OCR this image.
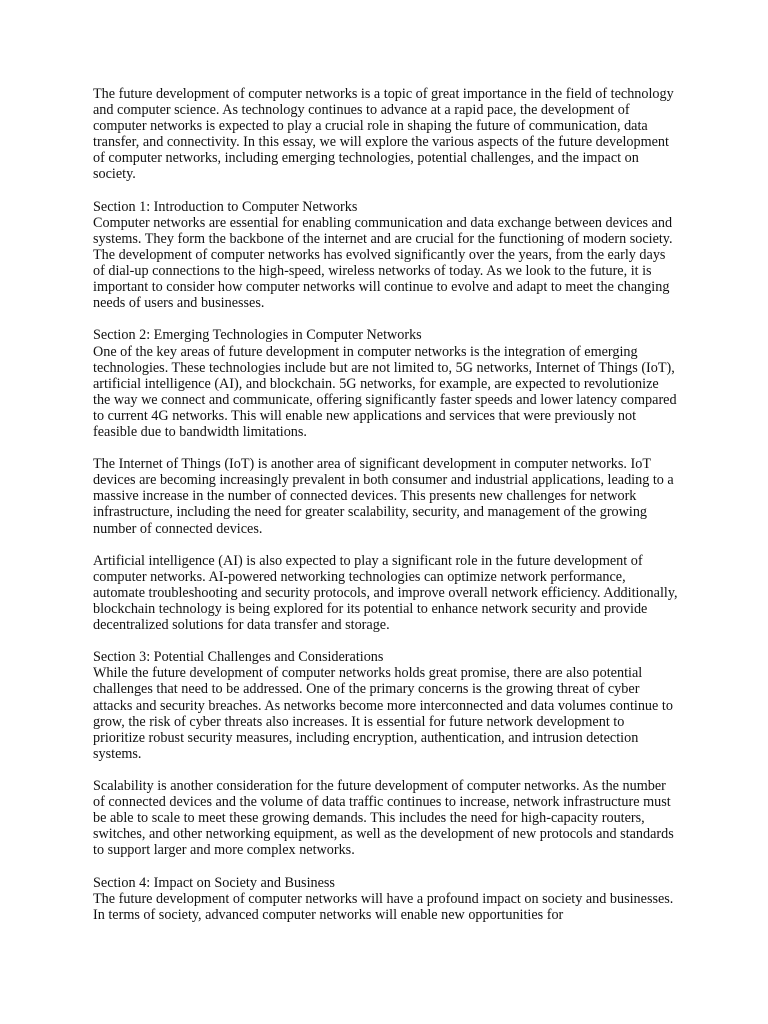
The future development of computer networks is a topic of great importance in the field of technology and computer science. As technology continues to advance at a rapid pace, the development of computer networks is expected to play a crucial role in shaping the future of communication, data transfer, and connectivity. In this essay, we will explore the various aspects of the future development of computer networks, including emerging technologies, potential challenges, and the impact on society.

Section 1: Introduction to Computer Networks

Computer networks are essential for enabling communication and data exchange between devices and systems. They form the backbone of the internet and are crucial for the functioning of modern society. The development of computer networks has evolved significantly over the years, from the early days of dial-up connections to the high-speed, wireless networks of today. As we look to the future, it is important to consider how computer networks will continue to evolve and adapt to meet the changing needs of users and businesses.

Section 2: Emerging Technologies in Computer Networks

One of the key areas of future development in computer networks is the integration of emerging technologies. These technologies include but are not limited to, 5G networks, Internet of Things (IoT), artificial intelligence (AI), and blockchain. 5G networks, for example, are expected to revolutionize the way we connect and communicate, offering significantly faster speeds and lower latency compared to current 4G networks. This will enable new applications and services that were previously not feasible due to bandwidth limitations.

The Internet of Things (IoT) is another area of significant development in computer networks. IoT devices are becoming increasingly prevalent in both consumer and industrial applications, leading to a massive increase in the number of connected devices. This presents new challenges for network infrastructure, including the need for greater scalability, security, and management of the growing number of connected devices.

Artificial intelligence (AI) is also expected to play a significant role in the future development of computer networks. AI-powered networking technologies can optimize network performance, automate troubleshooting and security protocols, and improve overall network efficiency. Additionally, blockchain technology is being explored for its potential to enhance network security and provide decentralized solutions for data transfer and storage.

Section 3: Potential Challenges and Considerations

While the future development of computer networks holds great promise, there are also potential challenges that need to be addressed. One of the primary concerns is the growing threat of cyber attacks and security breaches. As networks become more interconnected and data volumes continue to grow, the risk of cyber threats also increases. It is essential for future network development to prioritize robust security measures, including encryption, authentication, and intrusion detection systems.

Scalability is another consideration for the future development of computer networks. As the number of connected devices and the volume of data traffic continues to increase, network infrastructure must be able to scale to meet these growing demands. This includes the need for high-capacity routers, switches, and other networking equipment, as well as the development of new protocols and standards to support larger and more complex networks.

Section 4: Impact on Society and Business

The future development of computer networks will have a profound impact on society and businesses. In terms of society, advanced computer networks will enable new opportunities for
